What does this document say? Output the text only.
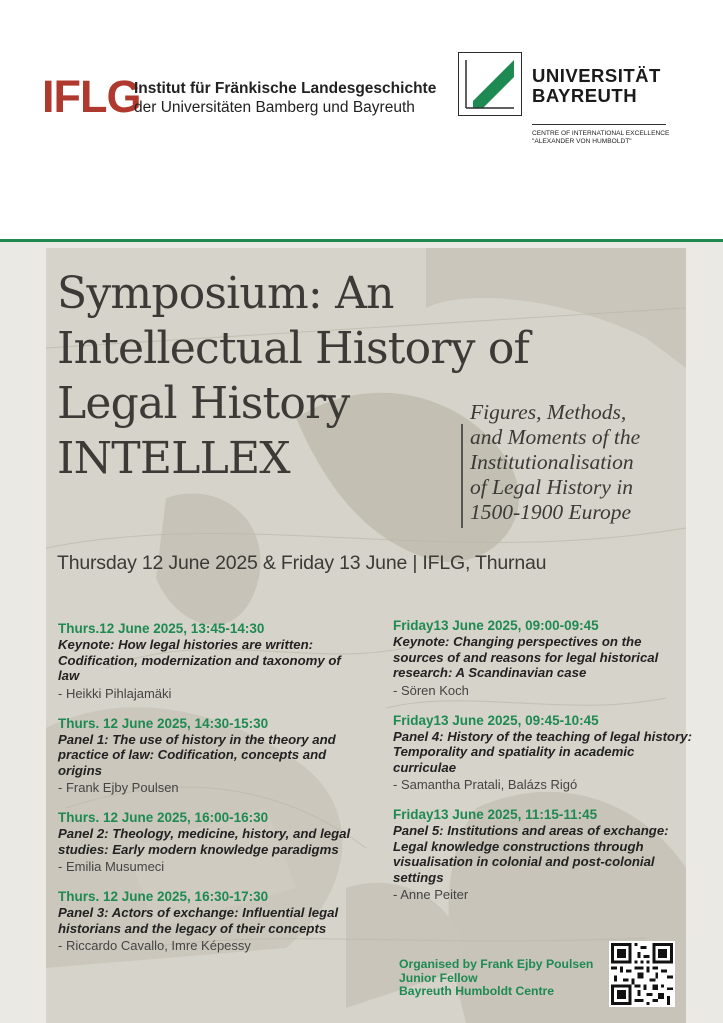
IFLG
Institut für Fränkische Landesgeschichte
der Universitäten Bamberg und Bayreuth
UNIVERSITÄT
BAYREUTH
CENTRE OF INTERNATIONAL EXCELLENCE
"ALEXANDER VON HUMBOLDT"
Symposium: An
Intellectual History of
Legal History
INTELLEX
Figures, Methods,
and Moments of the
Institutionalisation
of Legal History in
1500-1900 Europe
Thursday 12 June 2025 & Friday 13 June | IFLG, Thurnau
Thurs.12 June 2025, 13:45-14:30
Keynote: How legal histories are written: Codification, modernization and taxonomy of law
- Heikki Pihlajamäki
Thurs. 12 June 2025, 14:30-15:30
Panel 1: The use of history in the theory and practice of law: Codification, concepts and origins
- Frank Ejby Poulsen
Thurs. 12 June 2025, 16:00-16:30
Panel 2: Theology, medicine, history, and legal studies: Early modern knowledge paradigms
- Emilia Musumeci
Thurs. 12 June 2025, 16:30-17:30
Panel 3: Actors of exchange: Influential legal historians and the legacy of their concepts
- Riccardo Cavallo, Imre Képessy
Friday13 June 2025, 09:00-09:45
Keynote: Changing perspectives on the sources of and reasons for legal historical research: A Scandinavian case
- Sören Koch
Friday13 June 2025, 09:45-10:45
Panel 4: History of the teaching of legal history: Temporality and spatiality in academic curriculae
- Samantha Pratali, Balázs Rigó
Friday13 June 2025, 11:15-11:45
Panel 5: Institutions and areas of exchange: Legal knowledge constructions through visualisation in colonial and post-colonial settings
- Anne Peiter
Organised by Frank Ejby Poulsen
Junior Fellow
Bayreuth Humboldt Centre
